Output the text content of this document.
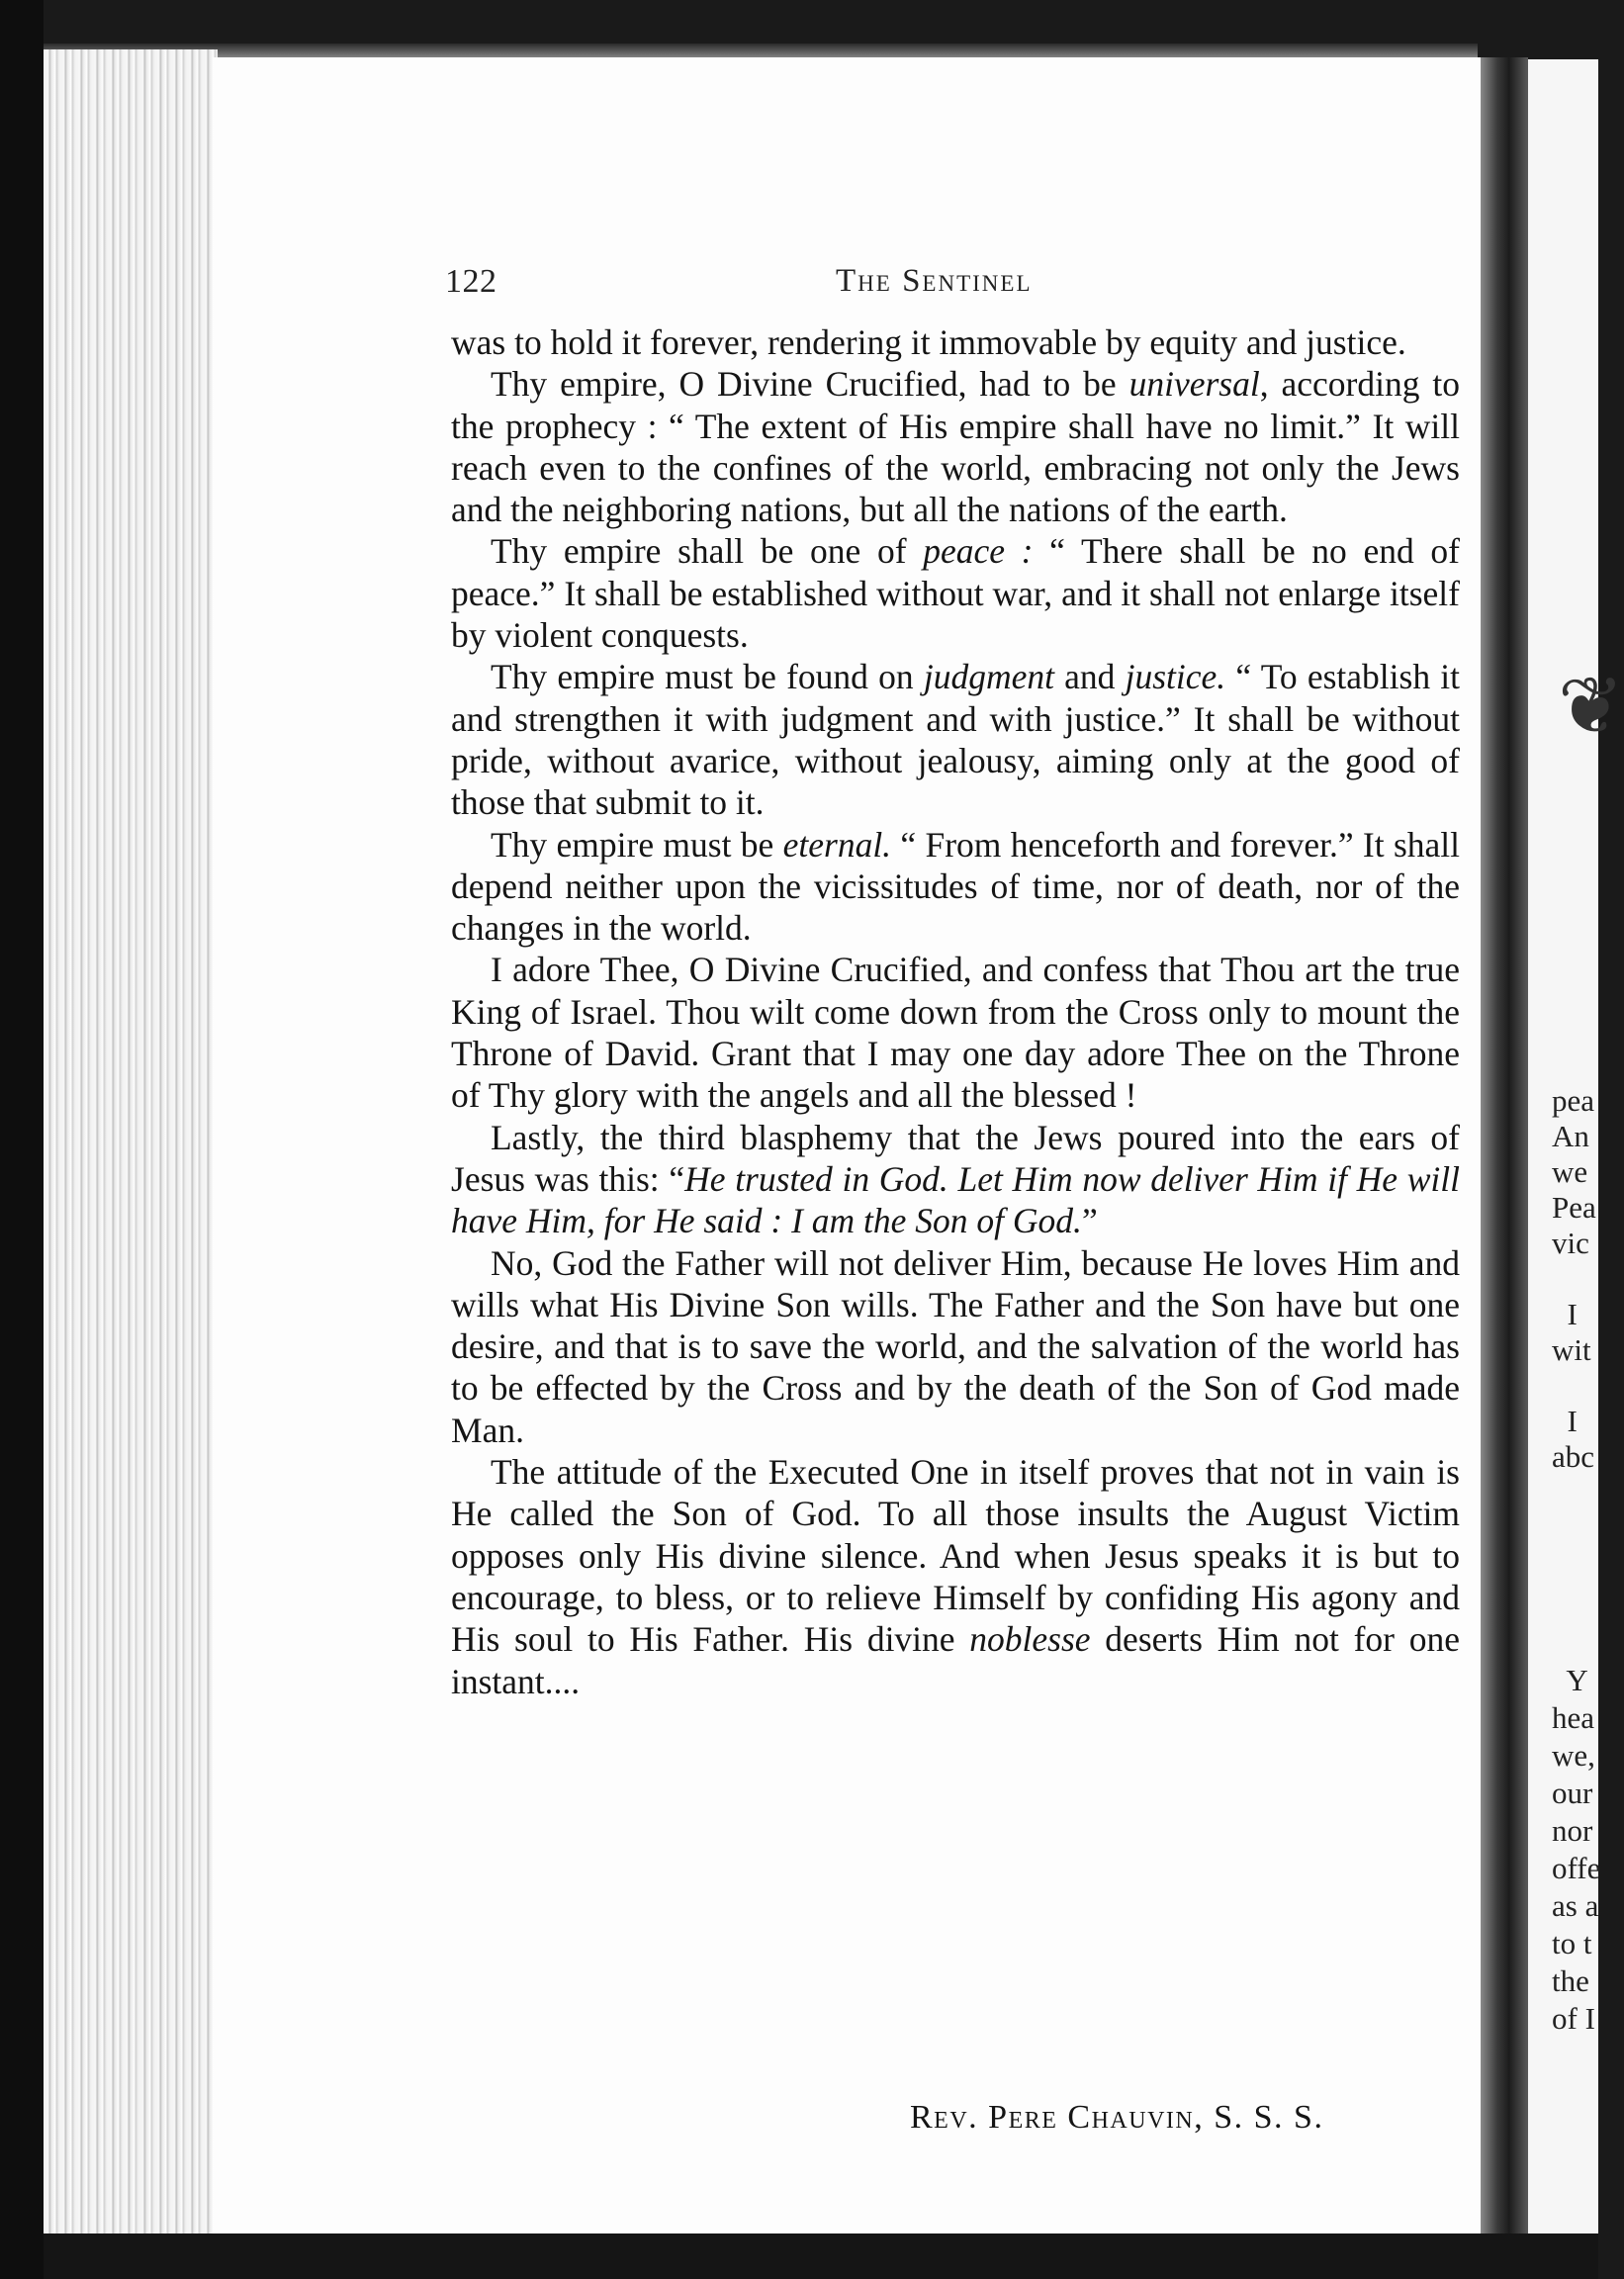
❦
pea
An
we
Pea
vic

I
wit

I
abc
Y
hea
we,
our
nor
offe
as a
to t
the
of I
122	The Sentinel

was to hold it forever, rendering it immovable by equity and justice.

Thy empire, O Divine Crucified, had to be universal, according to the prophecy : “ The extent of His empire shall have no limit.” It will reach even to the confines of the world, embracing not only the Jews and the neighboring nations, but all the nations of the earth.

Thy empire shall be one of peace : “ There shall be no end of peace.” It shall be established without war, and it shall not enlarge itself by violent conquests.

Thy empire must be found on judgment and justice. “ To establish it and strengthen it with judgment and with justice.” It shall be without pride, without avarice, without jealousy, aiming only at the good of those that submit to it.

Thy empire must be eternal. “ From henceforth and forever.” It shall depend neither upon the vicissitudes of time, nor of death, nor of the changes in the world.

I adore Thee, O Divine Crucified, and confess that Thou art the true King of Israel. Thou wilt come down from the Cross only to mount the Throne of David. Grant that I may one day adore Thee on the Throne of Thy glory with the angels and all the blessed !

Lastly, the third blasphemy that the Jews poured into the ears of Jesus was this: “He trusted in God. Let Him now deliver Him if He will have Him, for He said : I am the Son of God.”

No, God the Father will not deliver Him, because He loves Him and wills what His Divine Son wills. The Father and the Son have but one desire, and that is to save the world, and the salvation of the world has to be effected by the Cross and by the death of the Son of God made Man.

The attitude of the Executed One in itself proves that not in vain is He called the Son of God. To all those insults the August Victim opposes only His divine silence. And when Jesus speaks it is but to encourage, to bless, or to relieve Himself by confiding His agony and His soul to His Father. His divine noblesse deserts Him not for one instant....

Rev. Pere Chauvin, S. S. S.
